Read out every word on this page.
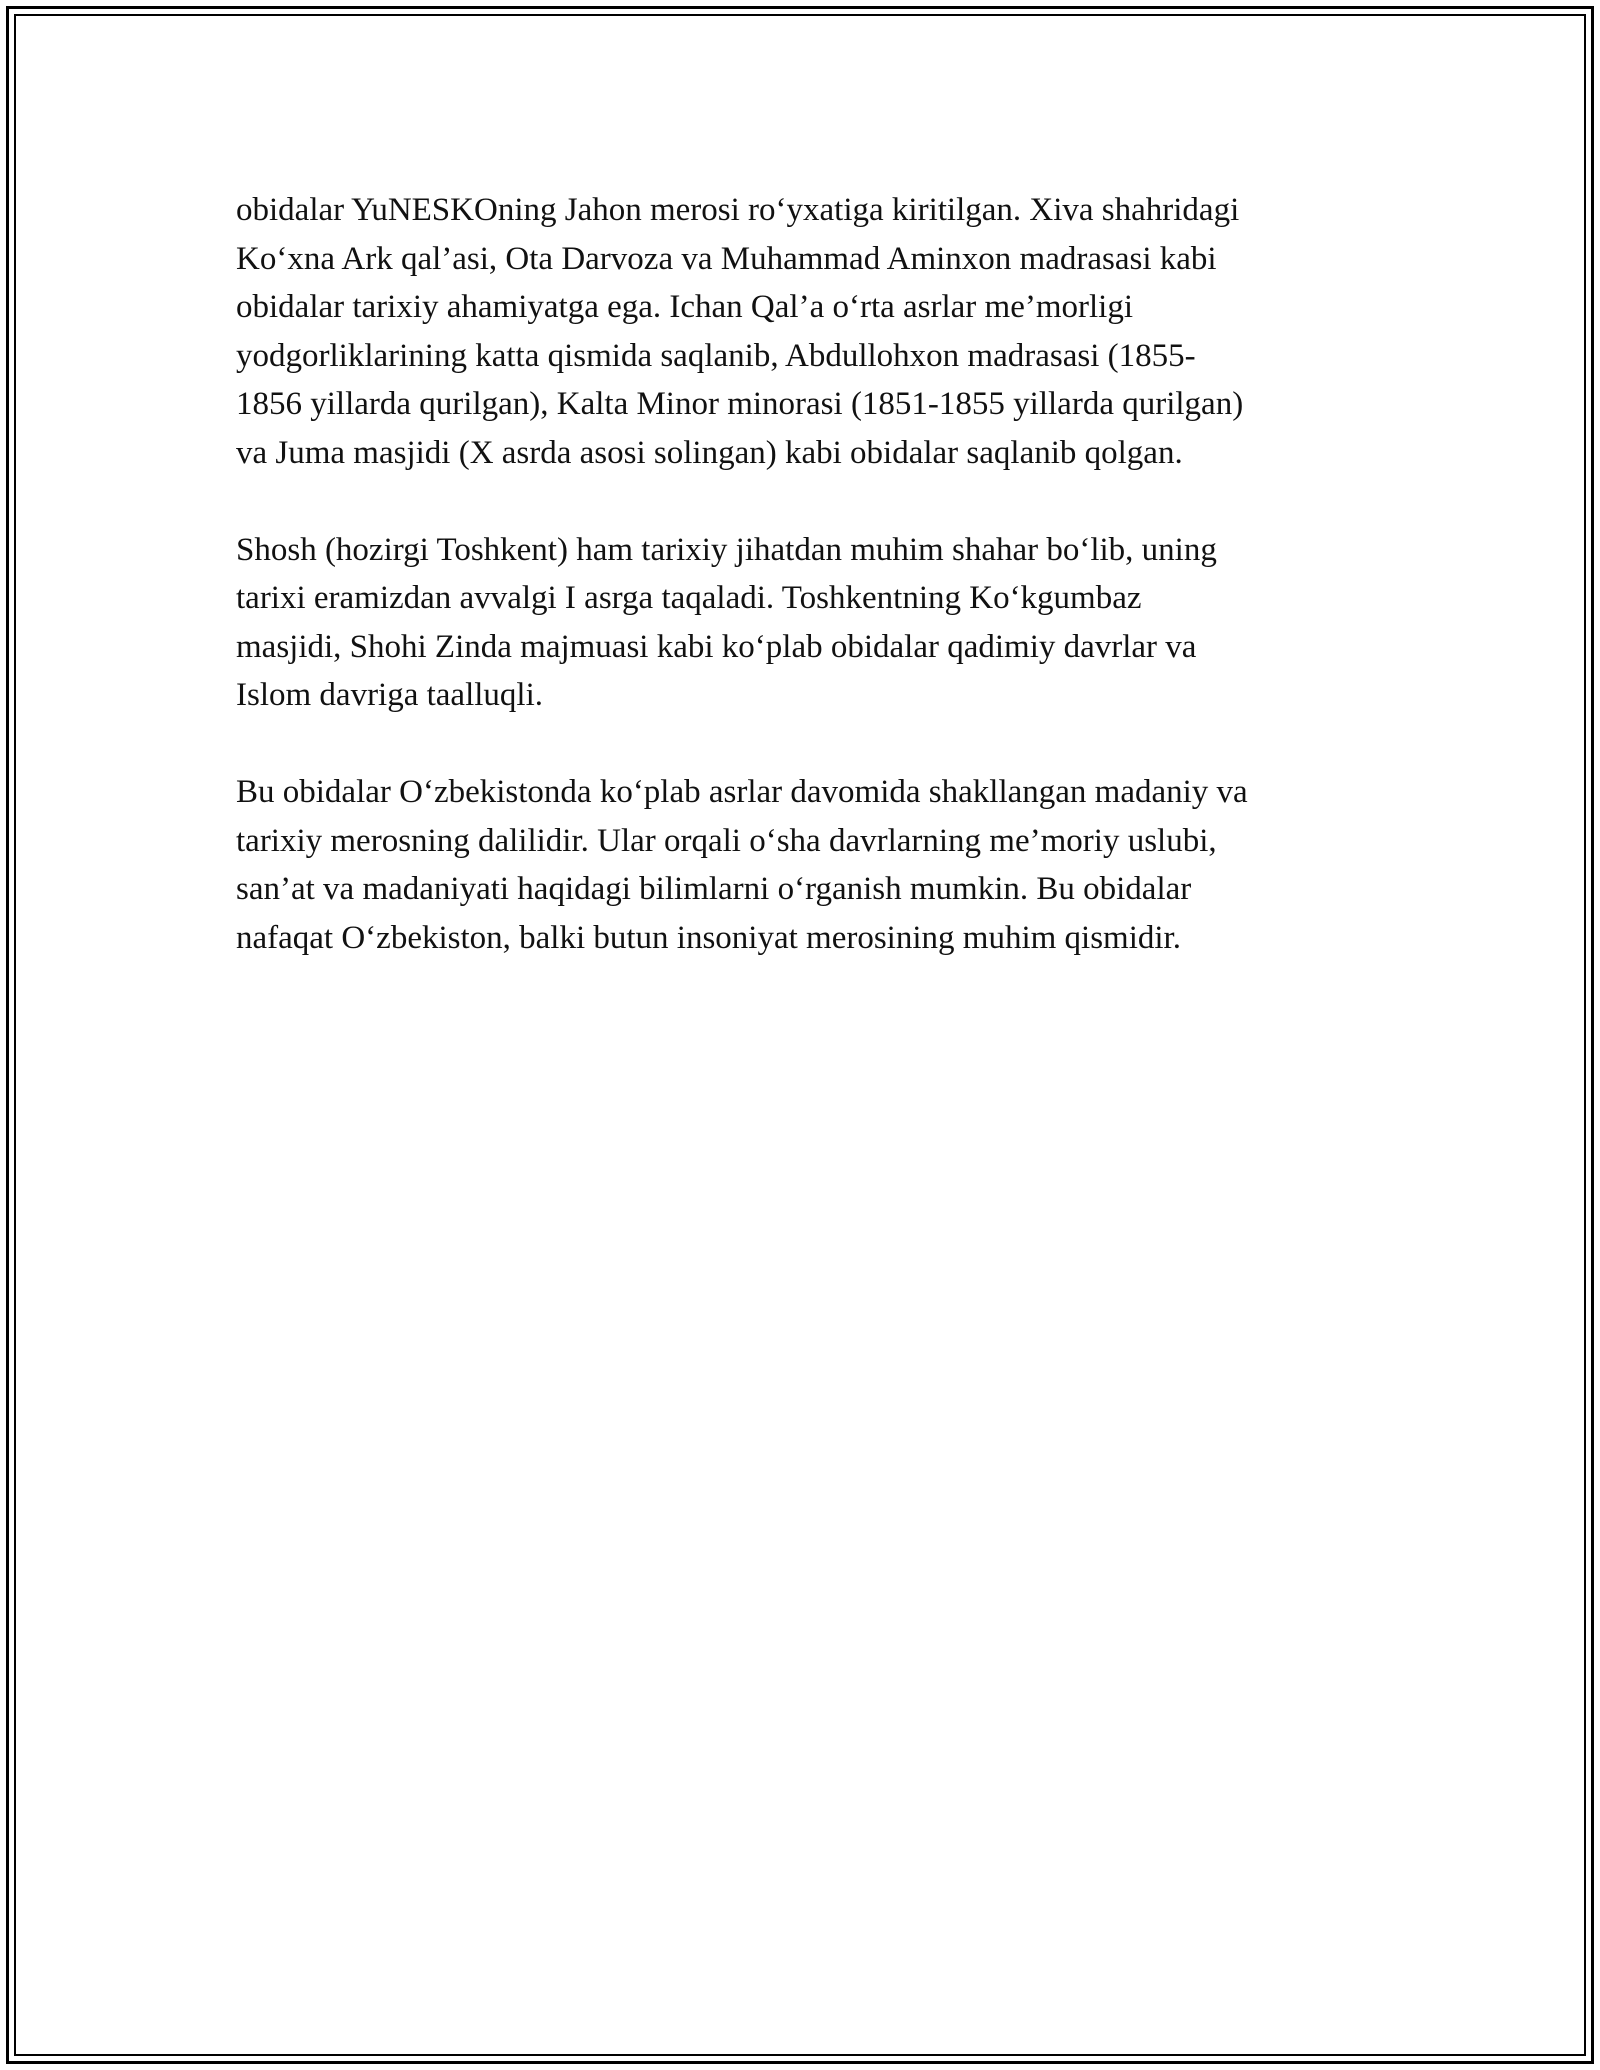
obidalar YuNESKOning Jahon merosi ro‘yxatiga kiritilgan. Xiva shahridagi
Ko‘xna Ark qal’asi, Ota Darvoza va Muhammad Aminxon madrasasi kabi
obidalar tarixiy ahamiyatga ega. Ichan Qal’a o‘rta asrlar me’morligi
yodgorliklarining katta qismida saqlanib, Abdullohxon madrasasi (1855-
1856 yillarda qurilgan), Kalta Minor minorasi (1851-1855 yillarda qurilgan)
va Juma masjidi (X asrda asosi solingan) kabi obidalar saqlanib qolgan.

Shosh (hozirgi Toshkent) ham tarixiy jihatdan muhim shahar bo‘lib, uning
tarixi eramizdan avvalgi I asrga taqaladi. Toshkentning Ko‘kgumbaz
masjidi, Shohi Zinda majmuasi kabi ko‘plab obidalar qadimiy davrlar va
Islom davriga taalluqli.

Bu obidalar O‘zbekistonda ko‘plab asrlar davomida shakllangan madaniy va
tarixiy merosning dalilidir. Ular orqali o‘sha davrlarning me’moriy uslubi,
san’at va madaniyati haqidagi bilimlarni o‘rganish mumkin. Bu obidalar
nafaqat O‘zbekiston, balki butun insoniyat merosining muhim qismidir.
